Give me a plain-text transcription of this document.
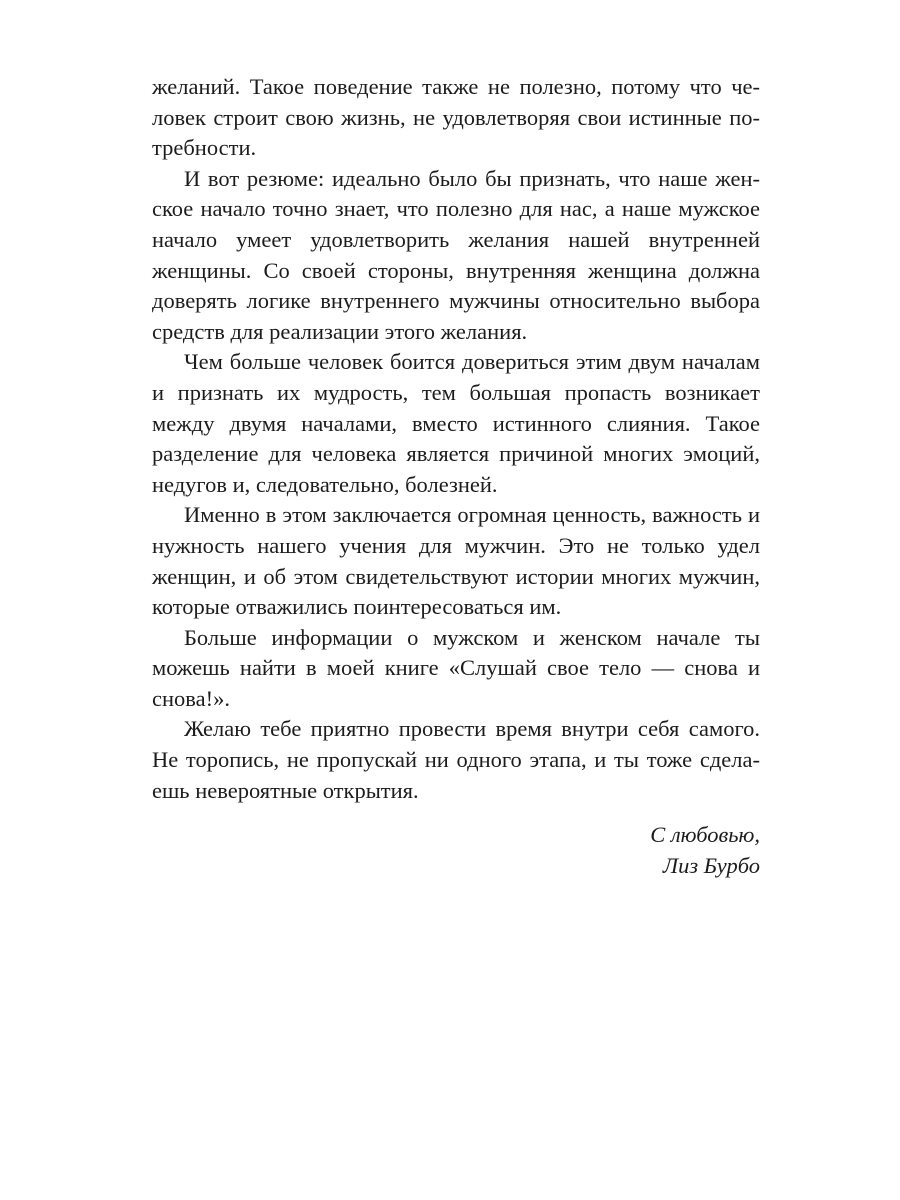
желаний. Такое поведение также не полезно, потому что человек строит свою жизнь, не удовлетворяя свои истинные потребности.

И вот резюме: идеально было бы признать, что наше женское начало точно знает, что полезно для нас, а наше мужское начало умеет удовлетворить желания нашей внутренней женщины. Со своей стороны, внутренняя женщина должна доверять логике внутреннего мужчины относительно выбора средств для реализации этого желания.

Чем больше человек боится довериться этим двум началам и признать их мудрость, тем большая пропасть возникает между двумя началами, вместо истинного слияния. Такое разделение для человека является причиной многих эмоций, недугов и, следовательно, болезней.

Именно в этом заключается огромная ценность, важность и нужность нашего учения для мужчин. Это не только удел женщин, и об этом свидетельствуют истории многих мужчин, которые отважились поинтересоваться им.

Больше информации о мужском и женском начале ты можешь найти в моей книге «Слушай свое тело — снова и снова!».

Желаю тебе приятно провести время внутри себя самого. Не торопись, не пропускай ни одного этапа, и ты тоже сделаешь невероятные открытия.

С любовью,
Лиз Бурбо
